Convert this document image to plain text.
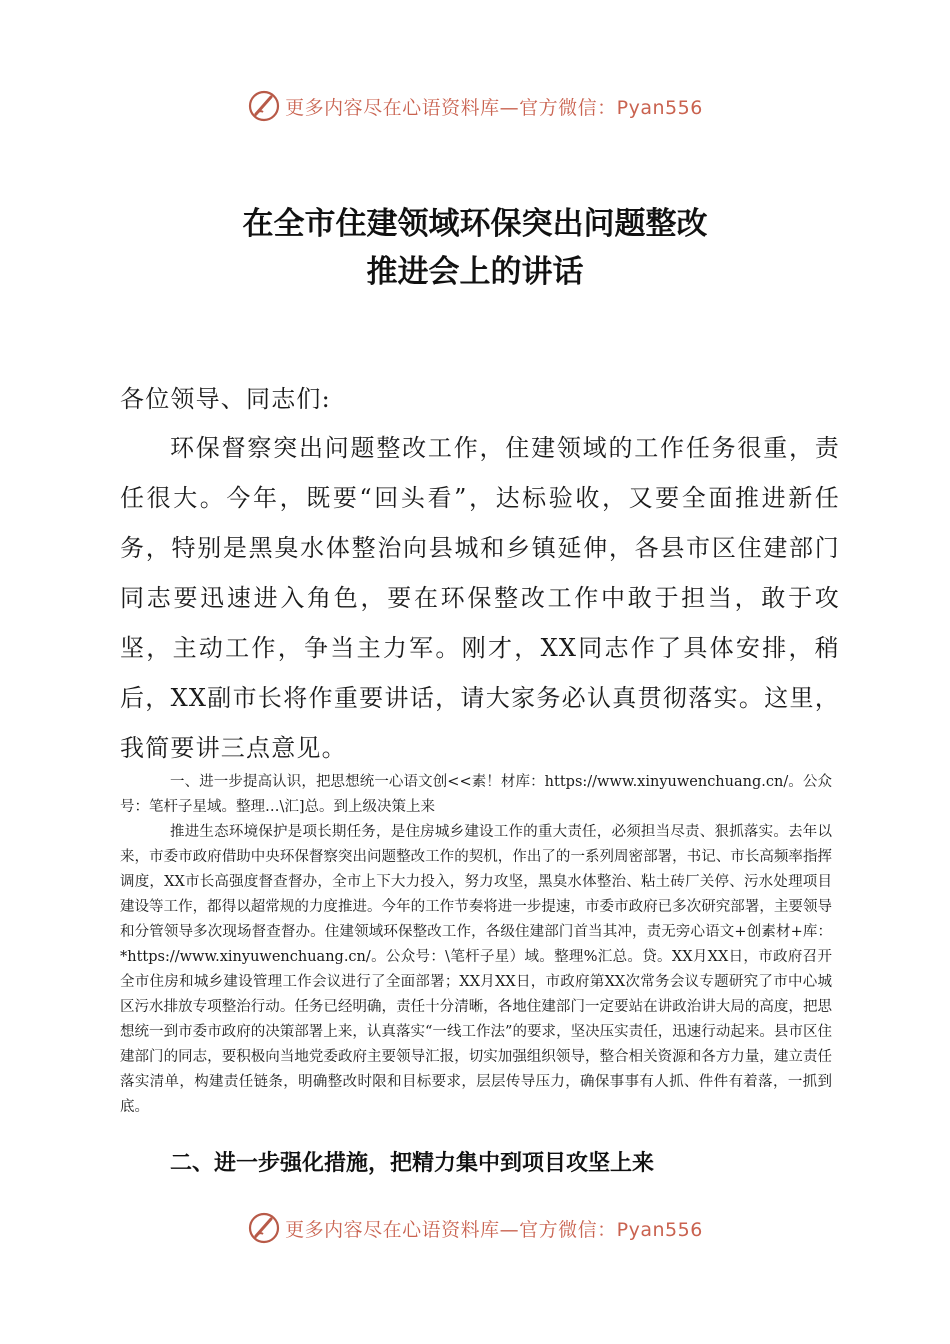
更多内容尽在心语资料库—官方微信：Pyan556
在全市住建领域环保突出问题整改
推进会上的讲话
各位领导、同志们:
环保督察突出问题整改工作，住建领域的工作任务很重，责任很大。今年，既要“回头看”，达标验收，又要全面推进新任务，特别是黑臭水体整治向县城和乡镇延伸，各县市区住建部门同志要迅速进入角色，要在环保整改工作中敢于担当，敢于攻坚，主动工作，争当主力军。刚才，XX同志作了具体安排，稍后，XX副市长将作重要讲话，请大家务必认真贯彻落实。这里，我简要讲三点意见。
一、进一步提高认识，把思想统一心语文创<<素！材库：https://www.xinyuwenchuang.cn/。公众号：笔杆子星域。整理…\汇]总。到上级决策上来
推进生态环境保护是项长期任务，是住房城乡建设工作的重大责任，必须担当尽责、狠抓落实。去年以来，市委市政府借助中央环保督察突出问题整改工作的契机，作出了的一系列周密部署，书记、市长高频率指挥调度，XX市长高强度督查督办，全市上下大力投入，努力攻坚，黑臭水体整治、粘土砖厂关停、污水处理项目建设等工作，都得以超常规的力度推进。今年的工作节奏将进一步提速，市委市政府已多次研究部署，主要领导和分管领导多次现场督查督办。住建领域环保整改工作，各级住建部门首当其冲，责无旁心语文+创素材+库：*https://www.xinyuwenchuang.cn/。公众号：\笔杆子星）域。整理%汇总。贷。XX月XX日，市政府召开全市住房和城乡建设管理工作会议进行了全面部署；XX月XX日，市政府第XX次常务会议专题研究了市中心城区污水排放专项整治行动。任务已经明确，责任十分清晰，各地住建部门一定要站在讲政治讲大局的高度，把思想统一到市委市政府的决策部署上来，认真落实“一线工作法”的要求，坚决压实责任，迅速行动起来。县市区住建部门的同志，要积极向当地党委政府主要领导汇报，切实加强组织领导，整合相关资源和各方力量，建立责任落实清单，构建责任链条，明确整改时限和目标要求，层层传导压力，确保事事有人抓、件件有着落，一抓到底。
二、进一步强化措施，把精力集中到项目攻坚上来
更多内容尽在心语资料库—官方微信：Pyan556
